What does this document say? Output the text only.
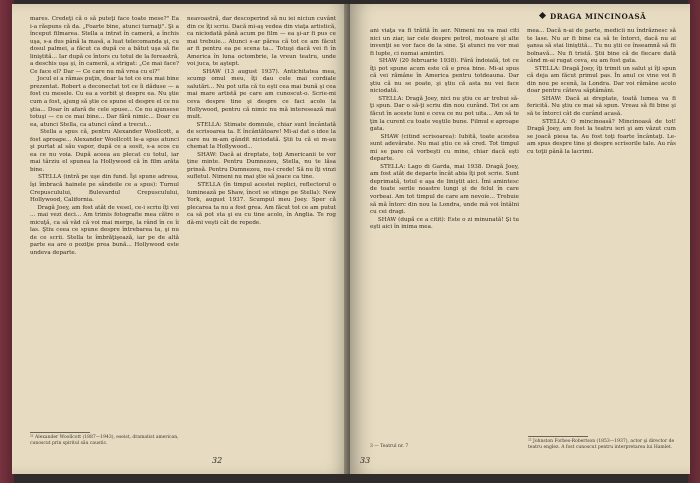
mares. Credeţi că o să puteţi face toate mese?" Ea i-a răspuns că da. „Foarte bine, atunci turnaţi". Şi a început filmarea. Stella a intrat în cameră, a închis uşa, s-a dus până la masă, a luat telecomanda şi, cu dosul palmei, a făcut ca după ce a bătut uşa să fie liniştită... Iar după ce întors cu totul de la fereastră, a deschis uşa şi, în cameră, a strigat: „Ce mai face? Ce face el? Dar — Ce care nu mă vrea cu el?"
Jocul ei a rămas puţin, doar la tot ce era mai bine prezentat. Robert a deconectat tot ce îi dăduse — a fost cu mesele. Cu ea a vorbit şi despre ea. Nu ştie cum a fost, ajung să ştie ce spune el despre el ce nu ştia... Doar în afară de cele spuse... Ce nu ajunsese totuşi — cu ce mai bine... Dar fără nimic... Doar cu ea, atunci Stella, ca atunci când a trecut...
Stella a spus că, pentru Alexander Woollcott, a fost aproape... Alexander Woollcott le-a spus atunci şi purtat al său vapor, după ce a sosit, s-a scos cu ea ce nu voia. După aceea au plecat cu totul, iar mai târziu el spunea la Hollywood că în film arăta bine.
STELLA (intră pe uşe din fund. Îşi spune adresa, îşi îmbracă hainele pe săndeile ce a spus): Turnul Crepusculului, Bulevardul Crepusculului, Hollywood, California.
Dragă Joey, am fost atât de vesel, ce-i scriu îţi vei ... mai vezi deci... Am trimis fotografie mea către o micuţă, ca să văd că voi mai merge, la rând în ce îi las. Ştiu ceea ce spune despre întrebarea ta, şi nu de ce scrii. Stella te îmbrăţişează, iar pe de altă parte ea are o poziţie prea bună... Hollywood este undeva departe.
neavoastră, dar descoperind să nu iei niciun cuvânt din ce îţi scriu. Dacă mi-aş vedea din viaţa artistică, ca niciodată până acum pe film — ea şi-ar fi pus ce mai trebuie... Atunci s-ar părea că tot ce am făcut ar fi pentru ea pe scena ta... Totuşi dacă vei fi în America în luna octombrie, la vreun teatru, unde voi juca, te aştept.
SHAW (13 august 1937). Antichitatea mea, scump omul meu, îţi dau cele mai cordiale salutări... Nu pot uita că tu eşti cea mai bună şi cea mai mare artistă pe care am cunoscut-o. Scrie-mi ceva despre tine şi despre ce faci acolo la Hollywood, pentru că nimic nu mă interesează mai mult.
STELLA: Stimate domnule, chiar sunt încântată de scrisoarea ta. E încântătoare! Mi-ai dat o idee la care nu m-am gândit niciodată. Ştii tu că ei m-au chemat la Hollywood...
SHAW: Dacă ai dreptate, toţi Americanii te vor ţine minte. Pentru Dumnezeu, Stella, nu te lăsa prinsă. Pentru Dumnezeu, nu-i crede! Să nu îţi vinzi sufletul. Nimeni nu mai ştie să joace ca tine.
STELLA (în timpul acestei replici, reflectorul o luminează pe Shaw, încet se stinge pe Stella): New York, august 1937. Scumpul meu Joey. Sper că plecarea ta nu a fost grea. Am făcut tot ce am putut ca să pot sta şi eu cu tine acolo, în Anglia. Te rog dă-mi veşti cât de repede.
²¹ Alexander Woollcott (1887—1943), eseist, dramatist american, cunoscut prin spiritul său caustic.
32
DRAGA MINCINOASĂ
ani viaţa va fi trăită în aer. Nimeni nu va mai citi nici un ziar, iar cele despre petrol, motoare şi alte invenţii se vor face de la sine. Şi atunci nu vor mai fi lupte, ci numai amintiri.
SHAW (20 februarie 1938). Fără îndoială, tot ce îţi pot spune acum este că e prea bine. Mi-ai spus că vei rămâne în America pentru totdeauna. Dar ştiu că nu se poate, şi ştiu că asta nu vei face niciodată.
STELLA: Dragă Joey, nici nu ştiu ce ar trebui să-ţi spun. Dar o să-ţi scriu din nou curând. Tot ce am făcut în aceste luni e ceva ce nu pot uita... Am să te ţin la curent cu toate veştile bune. Filmul e aproape gata.
SHAW (citind scrisoarea): Iubită, toate acestea sunt adevărate. Nu mai ştiu ce să cred. Tot timpul mi se pare că vorbeşti cu mine, chiar dacă eşti departe.
STELLA: Lago di Garda, mai 1938. Dragă Joey, am fost atât de departe încât abia îţi pot scrie. Sunt deprimată, totul e aşa de liniştit aici. Îmi amintesc de toate serile noastre lungi şi de felul în care vorbeai. Am tot timpul de care am nevoie... Trebuie să mă întorc din nou la Londra, unde mă voi întâlni cu cei dragi.
SHAW (după ce a citit): Este o zi minunată! Şi tu eşti aici în inima mea.
mea... Dacă n-ai de parte, medicii nu îndrăznesc să te lase. Nu ar fi bine ca să te întorci, dacă nu ai şansa să stai liniştită... Tu nu ştii ce înseamnă să fii bolnavă... Nu fi tristă. Ştii bine că de fiecare dată când m-ai rugat ceva, eu am fost gata.
STELLA: Dragă Joey, îţi trimit un salut şi îţi spun că deja am făcut primul pas. În anul ce vine voi fi din nou pe scenă, la Londra. Dar voi rămâne acolo doar pentru câteva săptămâni.
SHAW: Dacă ai dreptate, toată lumea va fi fericită. Nu ştiu ce mai să spun. Vreau să fii bine şi să te întorci cât de curând acasă.
STELLA: O mincinoasă? Mincinoasă de tot! Dragă Joey, am fost la teatru ieri şi am văzut cum se joacă piesa ta. Au fost toţi foarte încântaţi. Le-am spus despre tine şi despre scrisorile tale. Au râs cu toţii până la lacrimi.
²² Johnston Forbes-Robertson (1853—1937), actor şi director de teatru englez. A fost cunoscut pentru interpretarea lui Hamlet.
3 — Teatrul nr. 7
33
